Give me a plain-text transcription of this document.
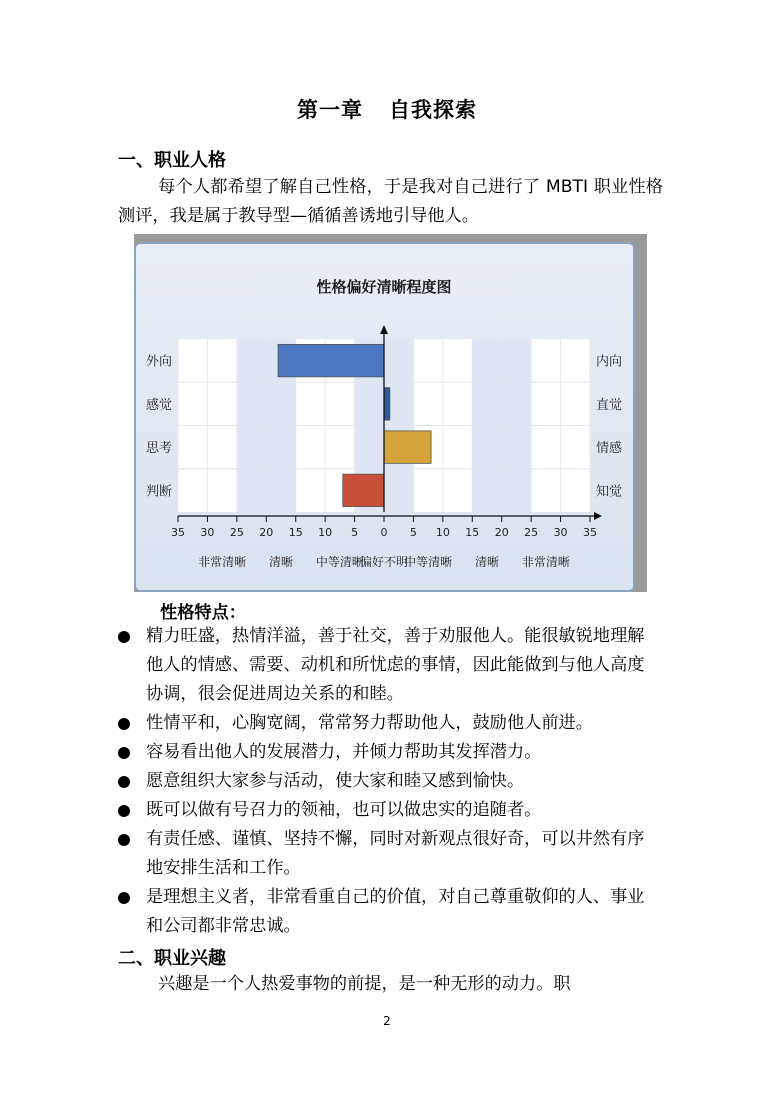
第一章 自我探索
一、职业人格
每个人都希望了解自己性格，于是我对自己进行了 MBTI 职业性格测评，我是属于教导型—循循善诱地引导他人。
性格偏好清晰程度图
外向	内向
感觉	直觉
思考	情感
判断	知觉
35 30 25 20 15 10 5 0 5 10 15 20 25 30 35
非常清晰 清晰 中等清晰
偏好不明
中等清晰 清晰 非常清晰
性格特点：
精力旺盛，热情洋溢，善于社交，善于劝服他人。能很敏锐地理解他人的情感、需要、动机和所忧虑的事情，因此能做到与他人高度协调，很会促进周边关系的和睦。
性情平和，心胸宽阔，常常努力帮助他人，鼓励他人前进。
容易看出他人的发展潜力，并倾力帮助其发挥潜力。
愿意组织大家参与活动，使大家和睦又感到愉快。
既可以做有号召力的领袖，也可以做忠实的追随者。
有责任感、谨慎、坚持不懈，同时对新观点很好奇，可以井然有序地安排生活和工作。
是理想主义者，非常看重自己的价值，对自己尊重敬仰的人、事业和公司都非常忠诚。
二、职业兴趣
兴趣是一个人热爱事物的前提，是一种无形的动力。职
2
